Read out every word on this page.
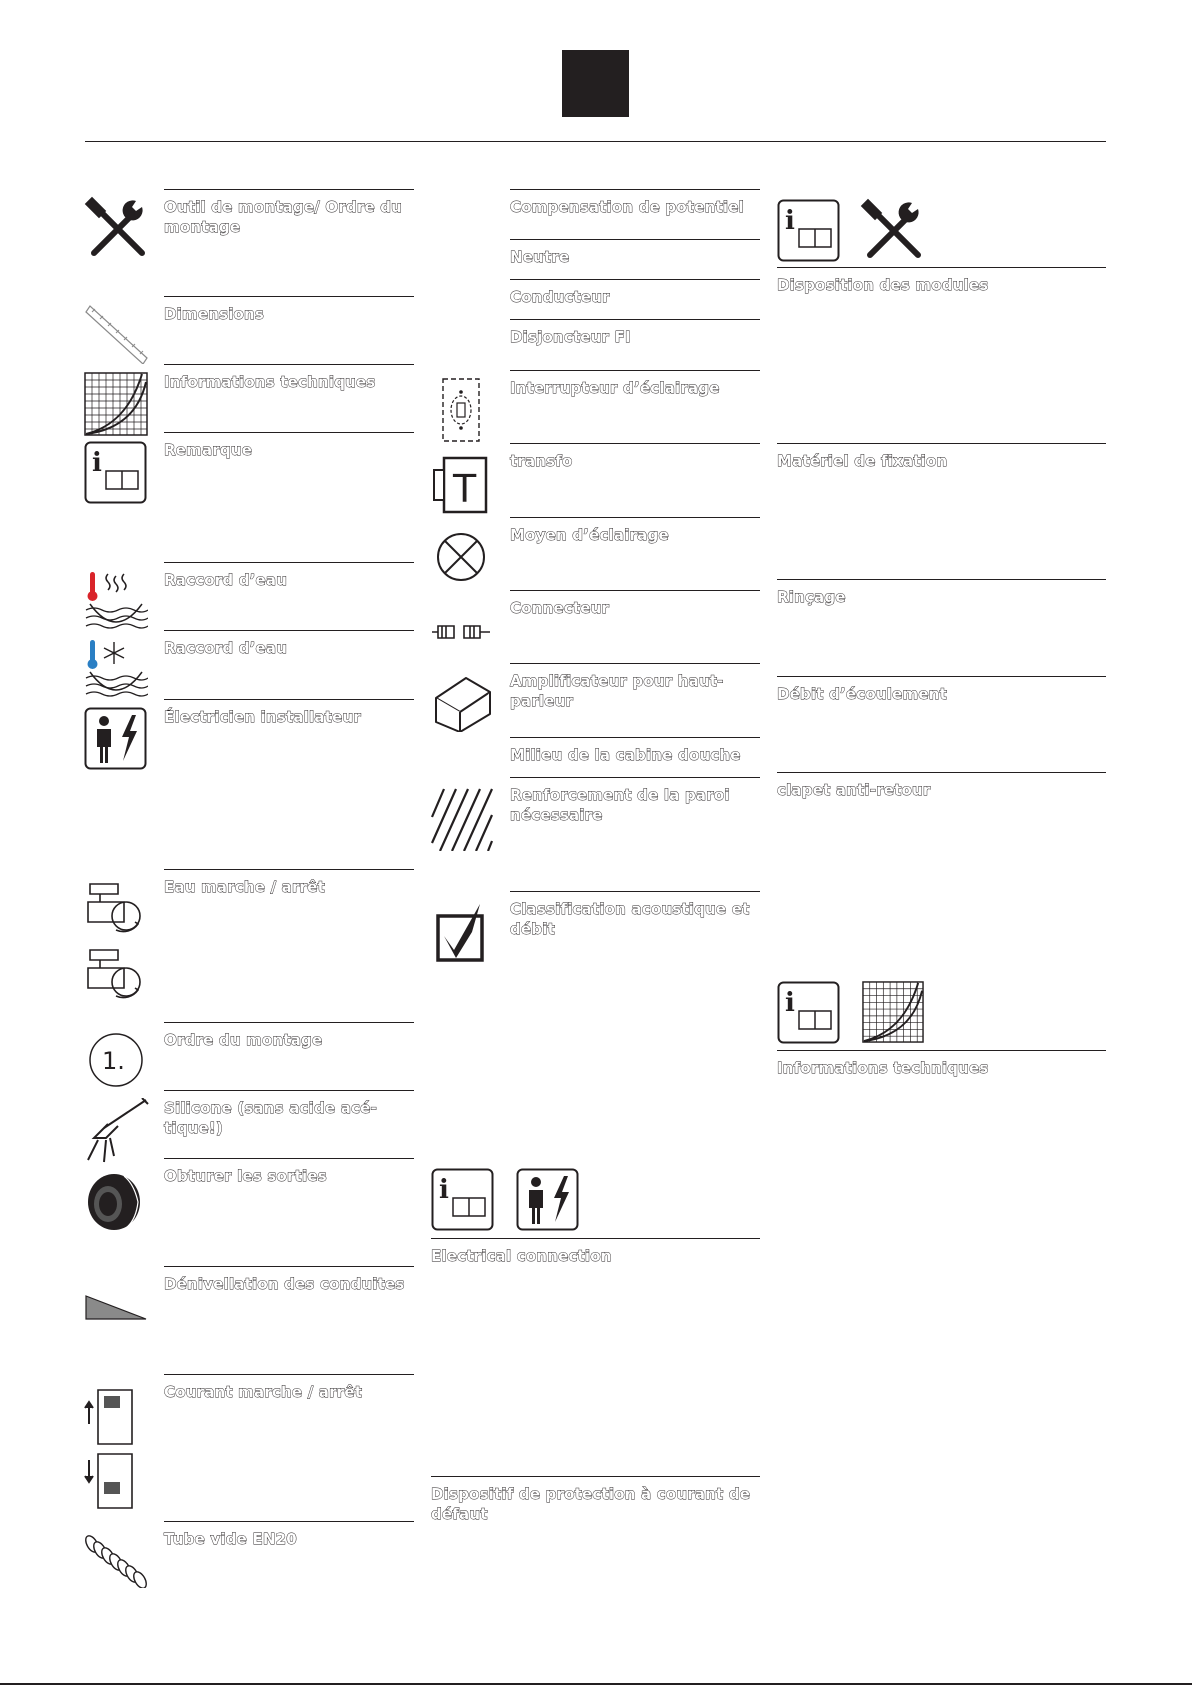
Outil de montage/ Ordre du montage
Dimensions
Informations techniques
i	Remarque
Raccord d’eau
Raccord d’eau
Électricien installateur
Eau marche / arrêt
1.
Ordre du montage
Silicone (sans acide acé-tique!)
Obturer les sorties
Dénivellation des conduites
Courant marche / arrêt
Tube vide EN20
Compensation de potentiel
Neutre
Conducteur
Disjoncteur FI
Interrupteur d’éclairage
T
transfo
Moyen d’éclairage
Connecteur
Amplificateur pour haut-parleur
Milieu de la cabine douche
Renforcement de la paroi nécessaire
Classification acoustique et débit
i
Electrical connection
Dispositif de protection à courant de défaut
i
Disposition des modules
Matériel de fixation
Rinçage
Débit d’écoulement
clapet anti-retour
i
Informations techniques
